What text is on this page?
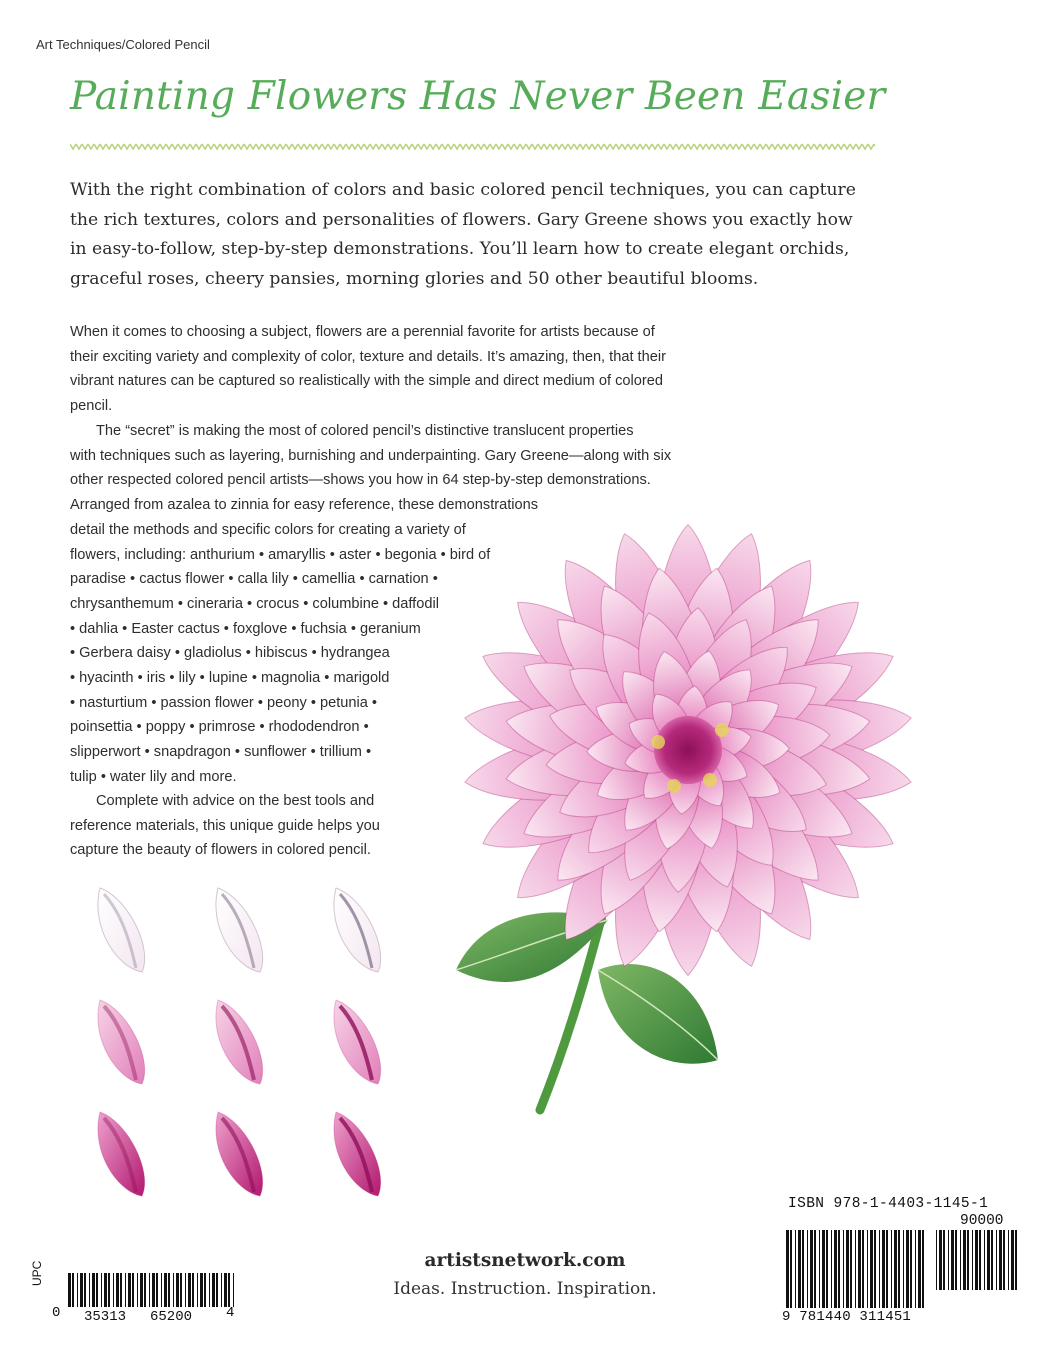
Art Techniques/Colored Pencil
Painting Flowers Has Never Been Easier
With the right combination of colors and basic colored pencil techniques, you can capture
the rich textures, colors and personalities of flowers. Gary Greene shows you exactly how
in easy-to-follow, step-by-step demonstrations. You’ll learn how to create elegant orchids,
graceful roses, cheery pansies, morning glories and 50 other beautiful blooms.
When it comes to choosing a subject, flowers are a perennial favorite for artists because of
their exciting variety and complexity of color, texture and details. It’s amazing, then, that their
vibrant natures can be captured so realistically with the simple and direct medium of colored
pencil.
The “secret” is making the most of colored pencil’s distinctive translucent properties
with techniques such as layering, burnishing and underpainting. Gary Greene—along with six
other respected colored pencil artists—shows you how in 64 step-by-step demonstrations.
Arranged from azalea to zinnia for easy reference, these demonstrations
detail the methods and specific colors for creating a variety of
flowers, including: anthurium • amaryllis • aster • begonia • bird of
paradise • cactus flower • calla lily • camellia • carnation •
chrysanthemum • cineraria • crocus • columbine • daffodil
• dahlia • Easter cactus • foxglove • fuchsia • geranium
• Gerbera daisy • gladiolus • hibiscus • hydrangea
• hyacinth • iris • lily • lupine • magnolia • marigold
• nasturtium • passion flower • peony • petunia •
poinsettia • poppy • primrose • rhododendron •
slipperwort • snapdragon • sunflower • trillium •
tulip • water lily and more.
Complete with advice on the best tools and
reference materials, this unique guide helps you
capture the beauty of flowers in colored pencil.
artistsnetwork.com
Ideas. Instruction. Inspiration.
UPC
0 35313 65200 4
ISBN 978-1-4403-1145-1
90000
9 781440 311451
